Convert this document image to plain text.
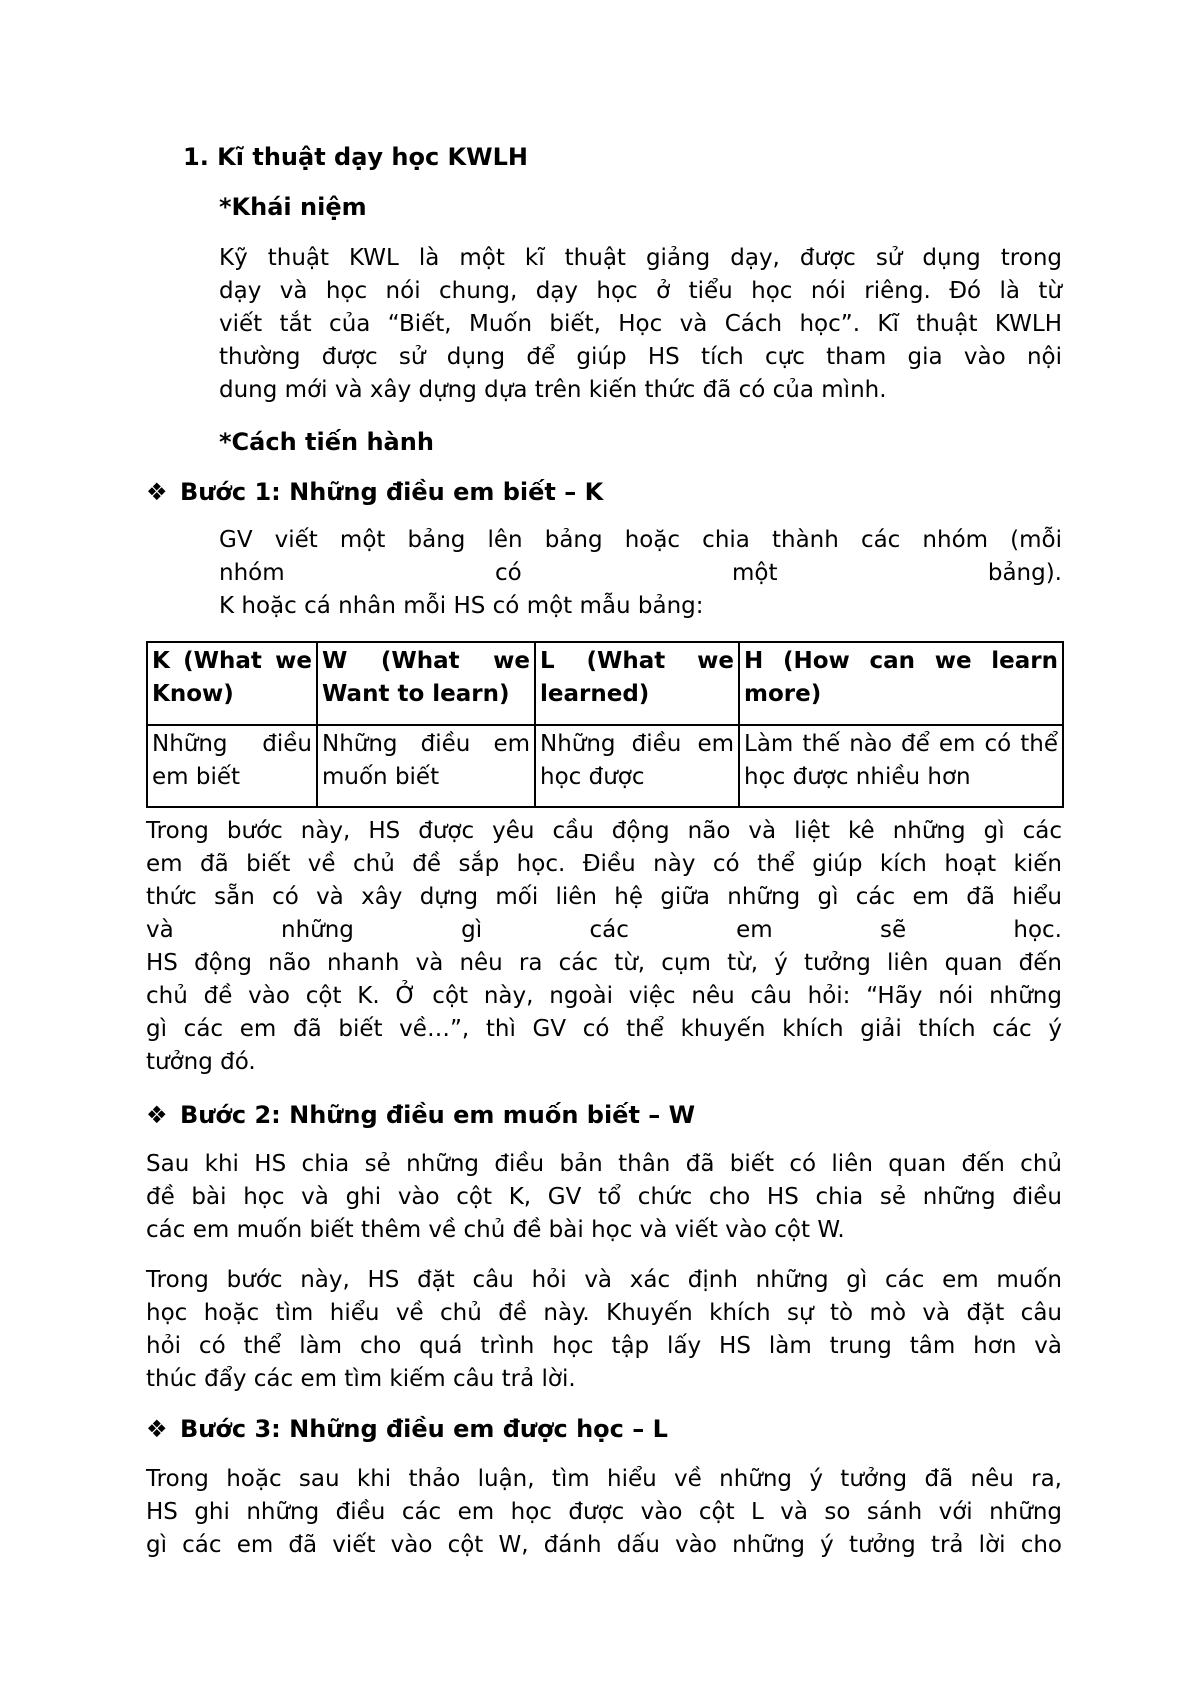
1. Kĩ thuật dạy học KWLH

*Khái niệm

Kỹ thuật KWL là một kĩ thuật giảng dạy, được sử dụng trong
dạy và học nói chung, dạy học ở tiểu học nói riêng. Đó là từ
viết tắt của “Biết, Muốn biết, Học và Cách học”. Kĩ thuật KWLH
thường được sử dụng để giúp HS tích cực tham gia vào nội
dung mới và xây dựng dựa trên kiến thức đã có của mình.

*Cách tiến hành

❖ Bước 1: Những điều em biết – K

GV viết một bảng lên bảng hoặc chia thành các nhóm (mỗi
nhóm có một bảng).
K hoặc cá nhân mỗi HS có một mẫu bảng:
K (What we Know)	W (What we Want to learn)	L (What we learned)	H (How can we learn more)
Những điều em biết	Những điều em muốn biết	Những điều em học được	Làm thế nào để em có thể học được nhiều hơn
Trong bước này, HS được yêu cầu động não và liệt kê những gì các
em đã biết về chủ đề sắp học. Điều này có thể giúp kích hoạt kiến
thức sẵn có và xây dựng mối liên hệ giữa những gì các em đã hiểu
và những gì các em sẽ học.
HS động não nhanh và nêu ra các từ, cụm từ, ý tưởng liên quan đến
chủ đề vào cột K. Ở cột này, ngoài việc nêu câu hỏi: “Hãy nói những
gì các em đã biết về…”, thì GV có thể khuyến khích giải thích các ý
tưởng đó.

❖ Bước 2: Những điều em muốn biết – W

Sau khi HS chia sẻ những điều bản thân đã biết có liên quan đến chủ
đề bài học và ghi vào cột K, GV tổ chức cho HS chia sẻ những điều
các em muốn biết thêm về chủ đề bài học và viết vào cột W.
Trong bước này, HS đặt câu hỏi và xác định những gì các em muốn
học hoặc tìm hiểu về chủ đề này. Khuyến khích sự tò mò và đặt câu
hỏi có thể làm cho quá trình học tập lấy HS làm trung tâm hơn và
thúc đẩy các em tìm kiếm câu trả lời.

❖ Bước 3: Những điều em được học – L

Trong hoặc sau khi thảo luận, tìm hiểu về những ý tưởng đã nêu ra,
HS ghi những điều các em học được vào cột L và so sánh với những
gì các em đã viết vào cột W, đánh dấu vào những ý tưởng trả lời cho
